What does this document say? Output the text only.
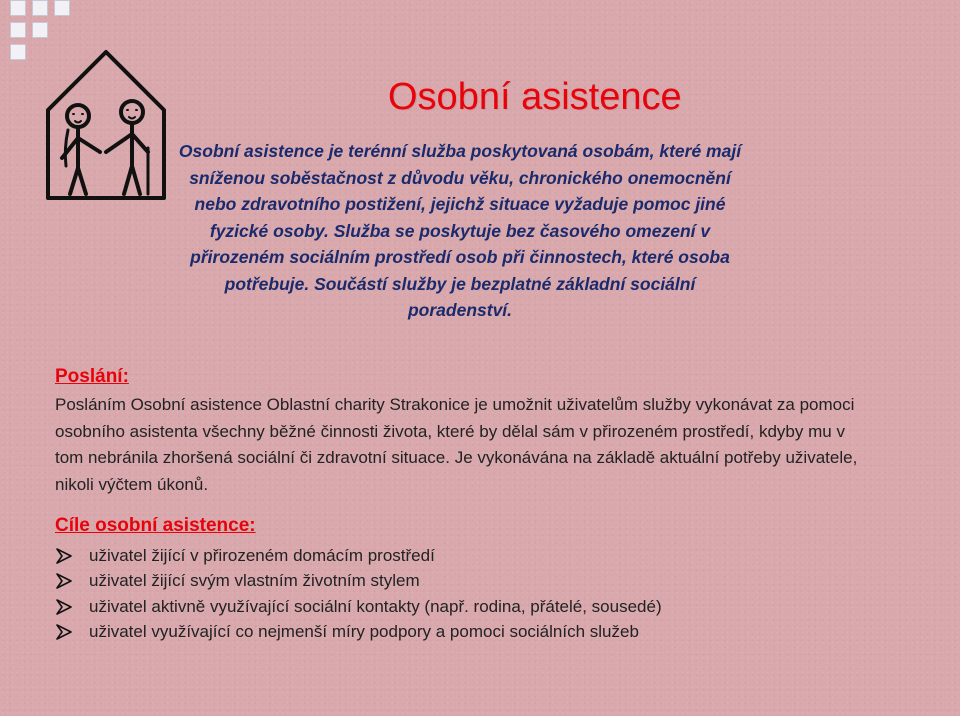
Osobní asistence
Osobní asistence je terénní služba poskytovaná osobám, které mají sníženou soběstačnost z důvodu věku, chronického onemocnění nebo zdravotního postižení, jejichž situace vyžaduje pomoc jiné fyzické osoby. Služba se poskytuje bez časového omezení v přirozeném sociálním prostředí osob při činnostech, které osoba potřebuje. Součástí služby je bezplatné základní sociální poradenství.
Poslání:
Posláním Osobní asistence Oblastní charity Strakonice je umožnit uživatelům služby vykonávat za pomoci osobního asistenta všechny běžné činnosti života, které by dělal sám v přirozeném prostředí, kdyby mu v tom nebránila zhoršená sociální či zdravotní situace. Je vykonávána na základě aktuální potřeby uživatele, nikoli výčtem úkonů.
Cíle osobní asistence:
uživatel žijící v přirozeném domácím prostředí
uživatel žijící svým vlastním životním stylem
uživatel aktivně využívající sociální kontakty (např. rodina, přátelé, sousedé)
uživatel využívající co nejmenší míry podpory a pomoci sociálních služeb
